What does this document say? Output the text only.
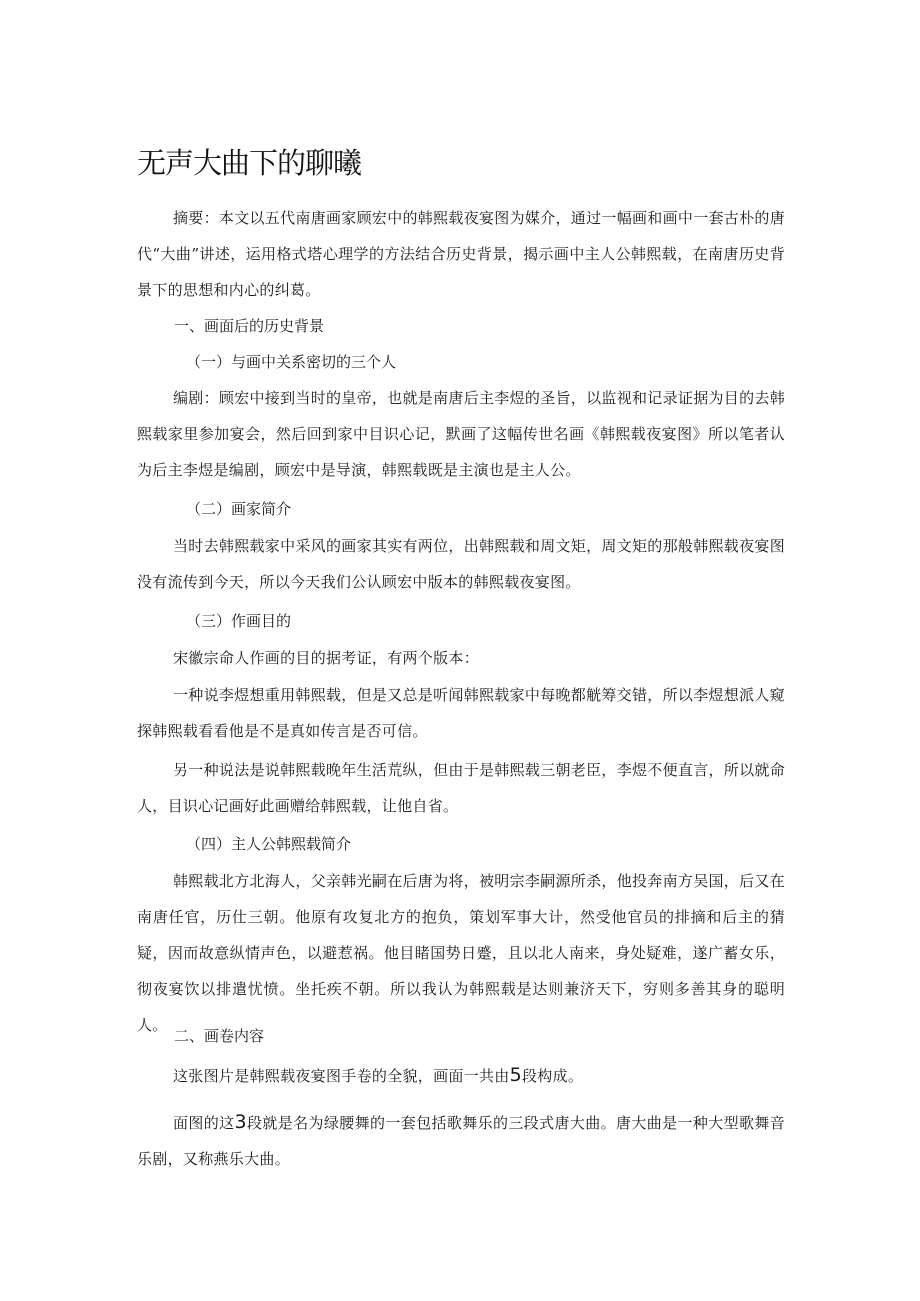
无声大曲下的聊曦

摘要：本文以五代南唐画家顾宏中的韩熙载夜宴图为媒介，通过一幅画和画中一套古朴的唐代“大曲”讲述，运用格式塔心理学的方法结合历史背景，揭示画中主人公韩熙载，在南唐历史背景下的思想和内心的纠葛。

一、画面后的历史背景

（一）与画中关系密切的三个人

编剧：顾宏中接到当时的皇帝，也就是南唐后主李煜的圣旨，以监视和记录证据为目的去韩熙载家里参加宴会，然后回到家中目识心记，默画了这幅传世名画《韩熙载夜宴图》所以笔者认为后主李煜是编剧，顾宏中是导演，韩熙载既是主演也是主人公。

（二）画家简介

当时去韩熙载家中采风的画家其实有两位，出韩熙载和周文矩，周文矩的那般韩熙载夜宴图没有流传到今天，所以今天我们公认顾宏中版本的韩熙载夜宴图。

（三）作画目的

宋徽宗命人作画的目的据考证，有两个版本：

一种说李煜想重用韩熙载，但是又总是听闻韩熙载家中每晚都觥筹交错，所以李煜想派人窥探韩熙载看看他是不是真如传言是否可信。

另一种说法是说韩熙载晚年生活荒纵，但由于是韩熙载三朝老臣，李煜不便直言，所以就命人，目识心记画好此画赠给韩熙载，让他自省。

（四）主人公韩熙载简介

韩熙载北方北海人，父亲韩光嗣在后唐为将，被明宗李嗣源所杀，他投奔南方吴国，后又在南唐任官，历仕三朝。他原有攻复北方的抱负，策划军事大计，然受他官员的排摘和后主的猜疑，因而故意纵情声色，以避惹祸。他目睹国势日蹙，且以北人南来，身处疑难，遂广蓄女乐，彻夜宴饮以排遣忧愤。坐托疾不朝。所以我认为韩熙载是达则兼济天下，穷则多善其身的聪明人。

二、画卷内容

这张图片是韩熙载夜宴图手卷的全貌，画面一共由5段构成。

面图的这3段就是名为绿腰舞的一套包括歌舞乐的三段式唐大曲。唐大曲是一种大型歌舞音乐剧，又称燕乐大曲。
